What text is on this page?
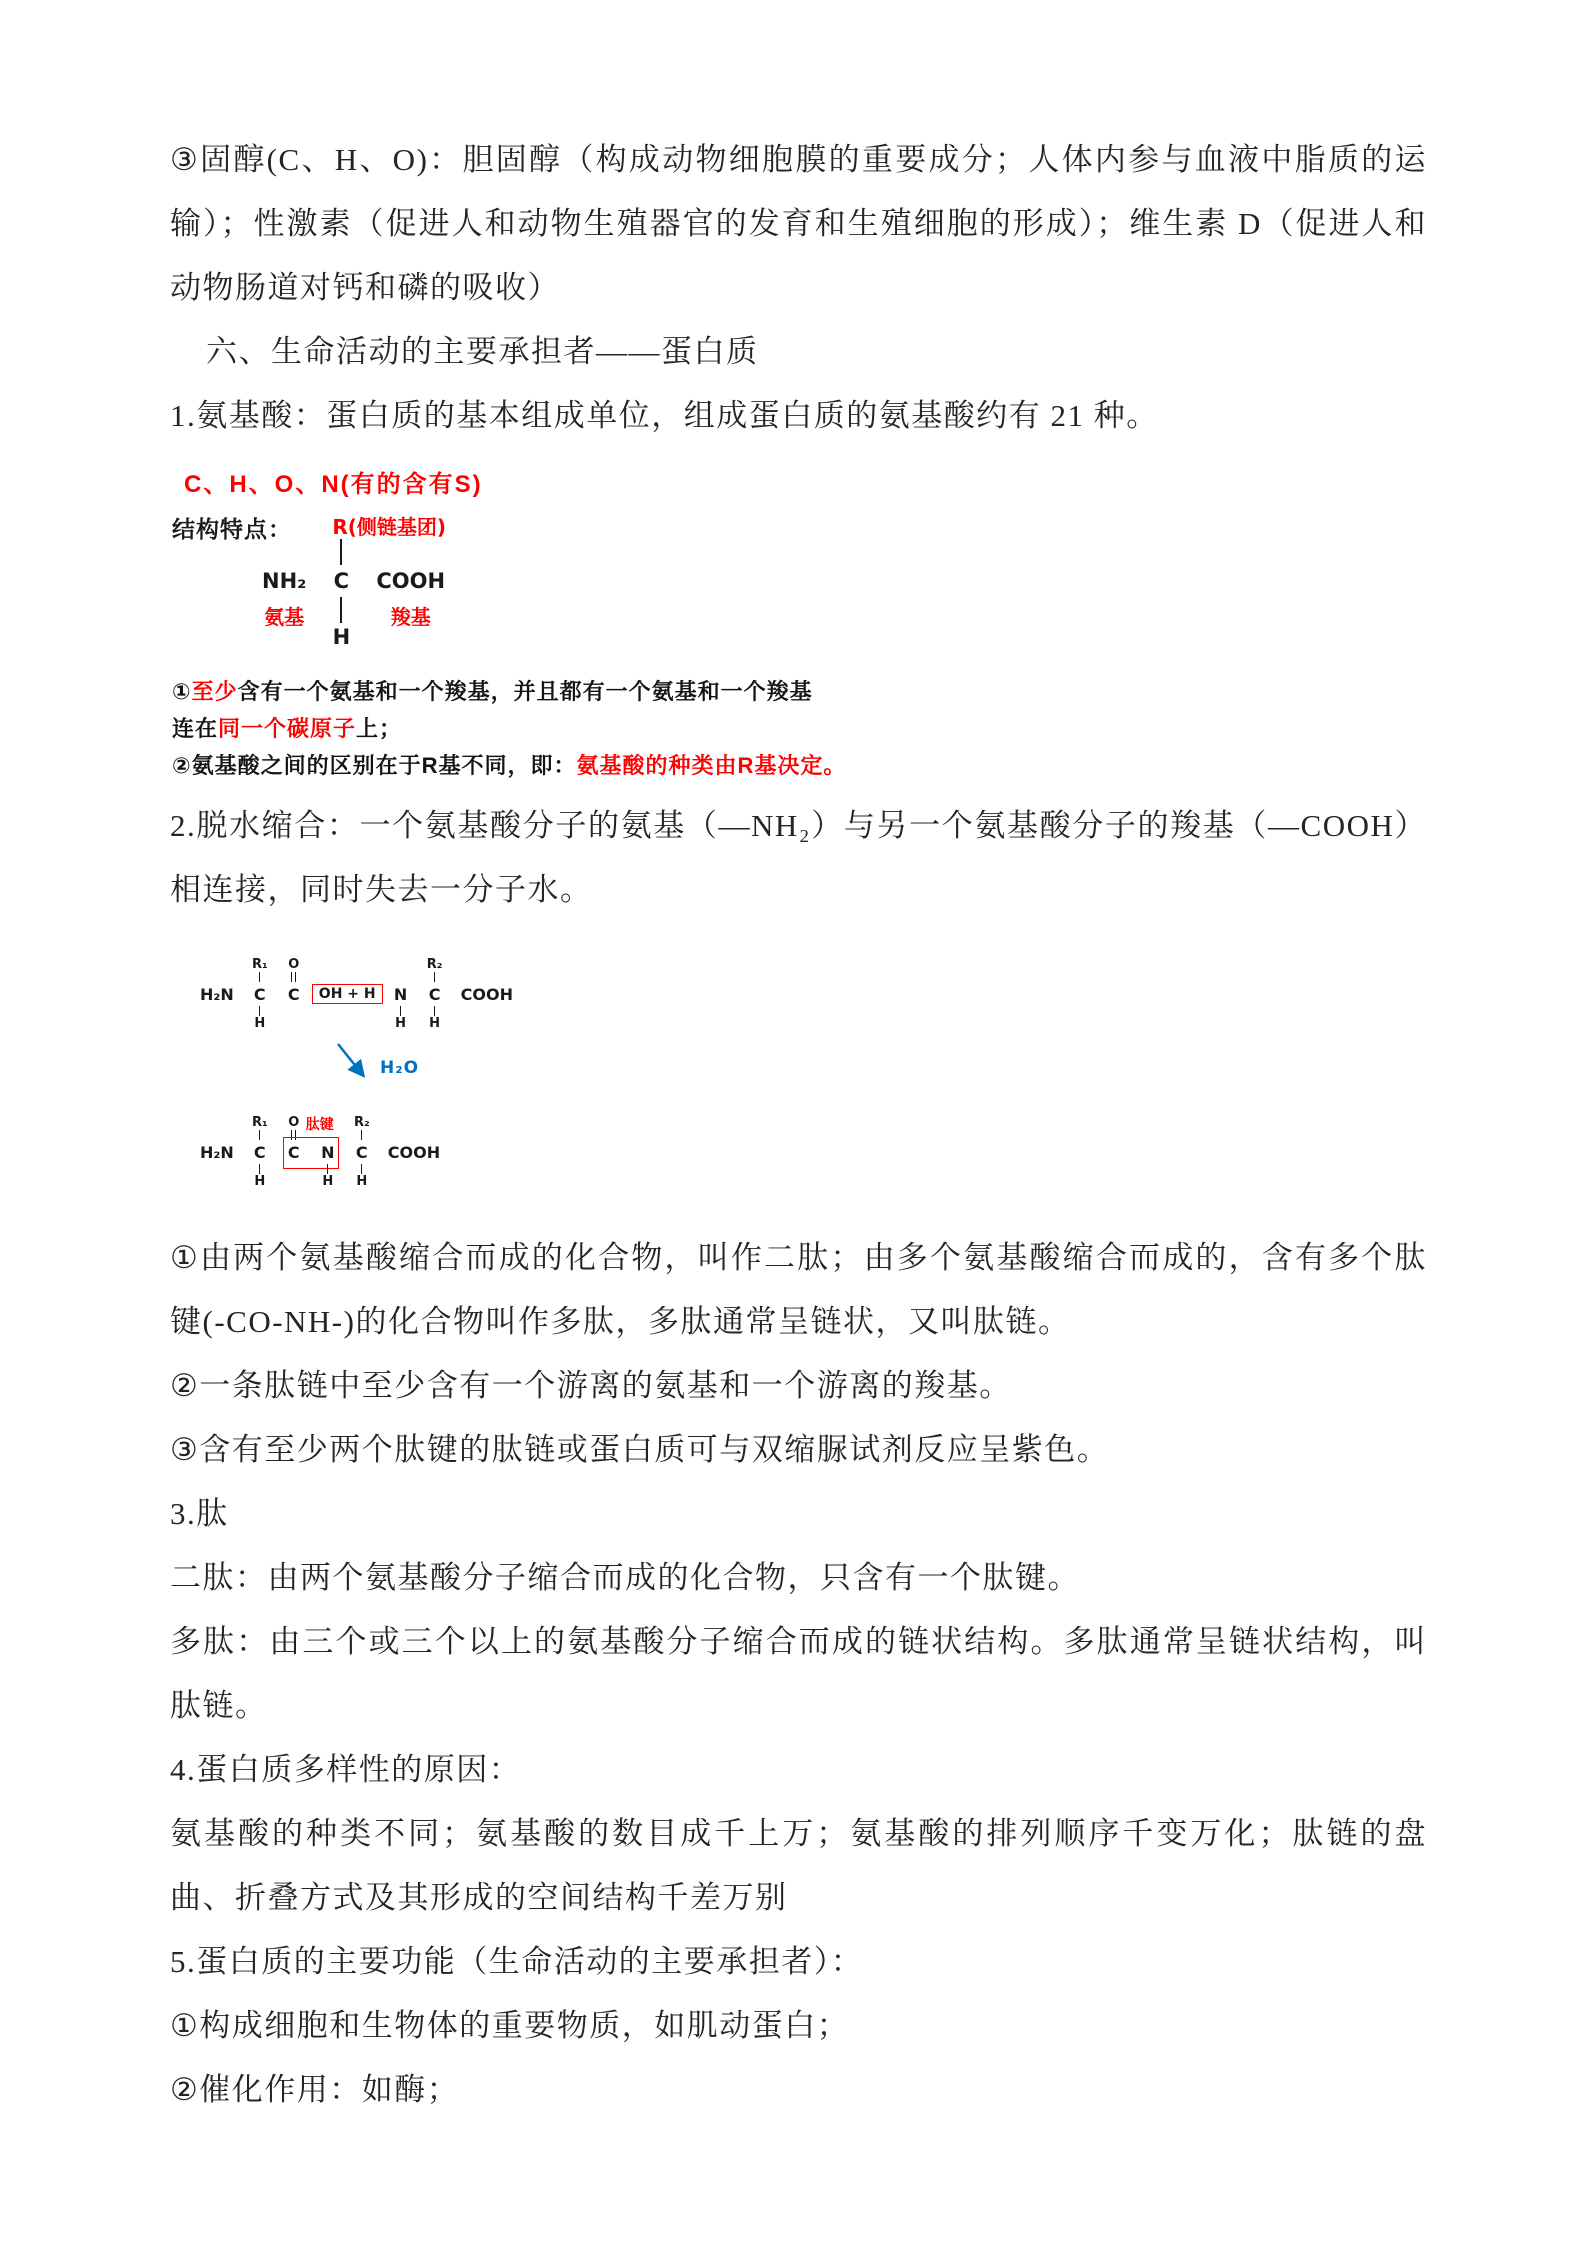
③固醇(C、H、O)：胆固醇（构成动物细胞膜的重要成分；人体内参与血液中脂质的运输）；性激素（促进人和动物生殖器官的发育和生殖细胞的形成）；维生素 D（促进人和动物肠道对钙和磷的吸收）

六、生命活动的主要承担者——蛋白质

1.氨基酸：蛋白质的基本组成单位，组成蛋白质的氨基酸约有 21 种。

C、H、O、N(有的含有S)
结构特点：
NH₂
氨基
R(侧链基团)
C
H
COOH
羧基
①至少含有一个氨基和一个羧基，并且都有一个氨基和一个羧基
连在同一个碳原子上；
②氨基酸之间的区别在于R基不同，即：氨基酸的种类由R基决定。

2.脱水缩合：一个氨基酸分子的氨基（—NH₂）与另一个氨基酸分子的羧基（—COOH）相连接，同时失去一分子水。

H₂N
R₁
C
H
O
C	OH + H	N
H
R₂
C
H
COOH
H₂O
H₂N
R₁
C
H
肽键
O
C N
H
R₂
C
H
COOH

①由两个氨基酸缩合而成的化合物，叫作二肽；由多个氨基酸缩合而成的，含有多个肽键(-CO-NH-)的化合物叫作多肽，多肽通常呈链状，又叫肽链。

②一条肽链中至少含有一个游离的氨基和一个游离的羧基。

③含有至少两个肽键的肽链或蛋白质可与双缩脲试剂反应呈紫色。

3.肽

二肽：由两个氨基酸分子缩合而成的化合物，只含有一个肽键。

多肽：由三个或三个以上的氨基酸分子缩合而成的链状结构。多肽通常呈链状结构，叫肽链。

4.蛋白质多样性的原因：

氨基酸的种类不同；氨基酸的数目成千上万；氨基酸的排列顺序千变万化；肽链的盘曲、折叠方式及其形成的空间结构千差万别

5.蛋白质的主要功能（生命活动的主要承担者）：

①构成细胞和生物体的重要物质，如肌动蛋白；

②催化作用：如酶；
